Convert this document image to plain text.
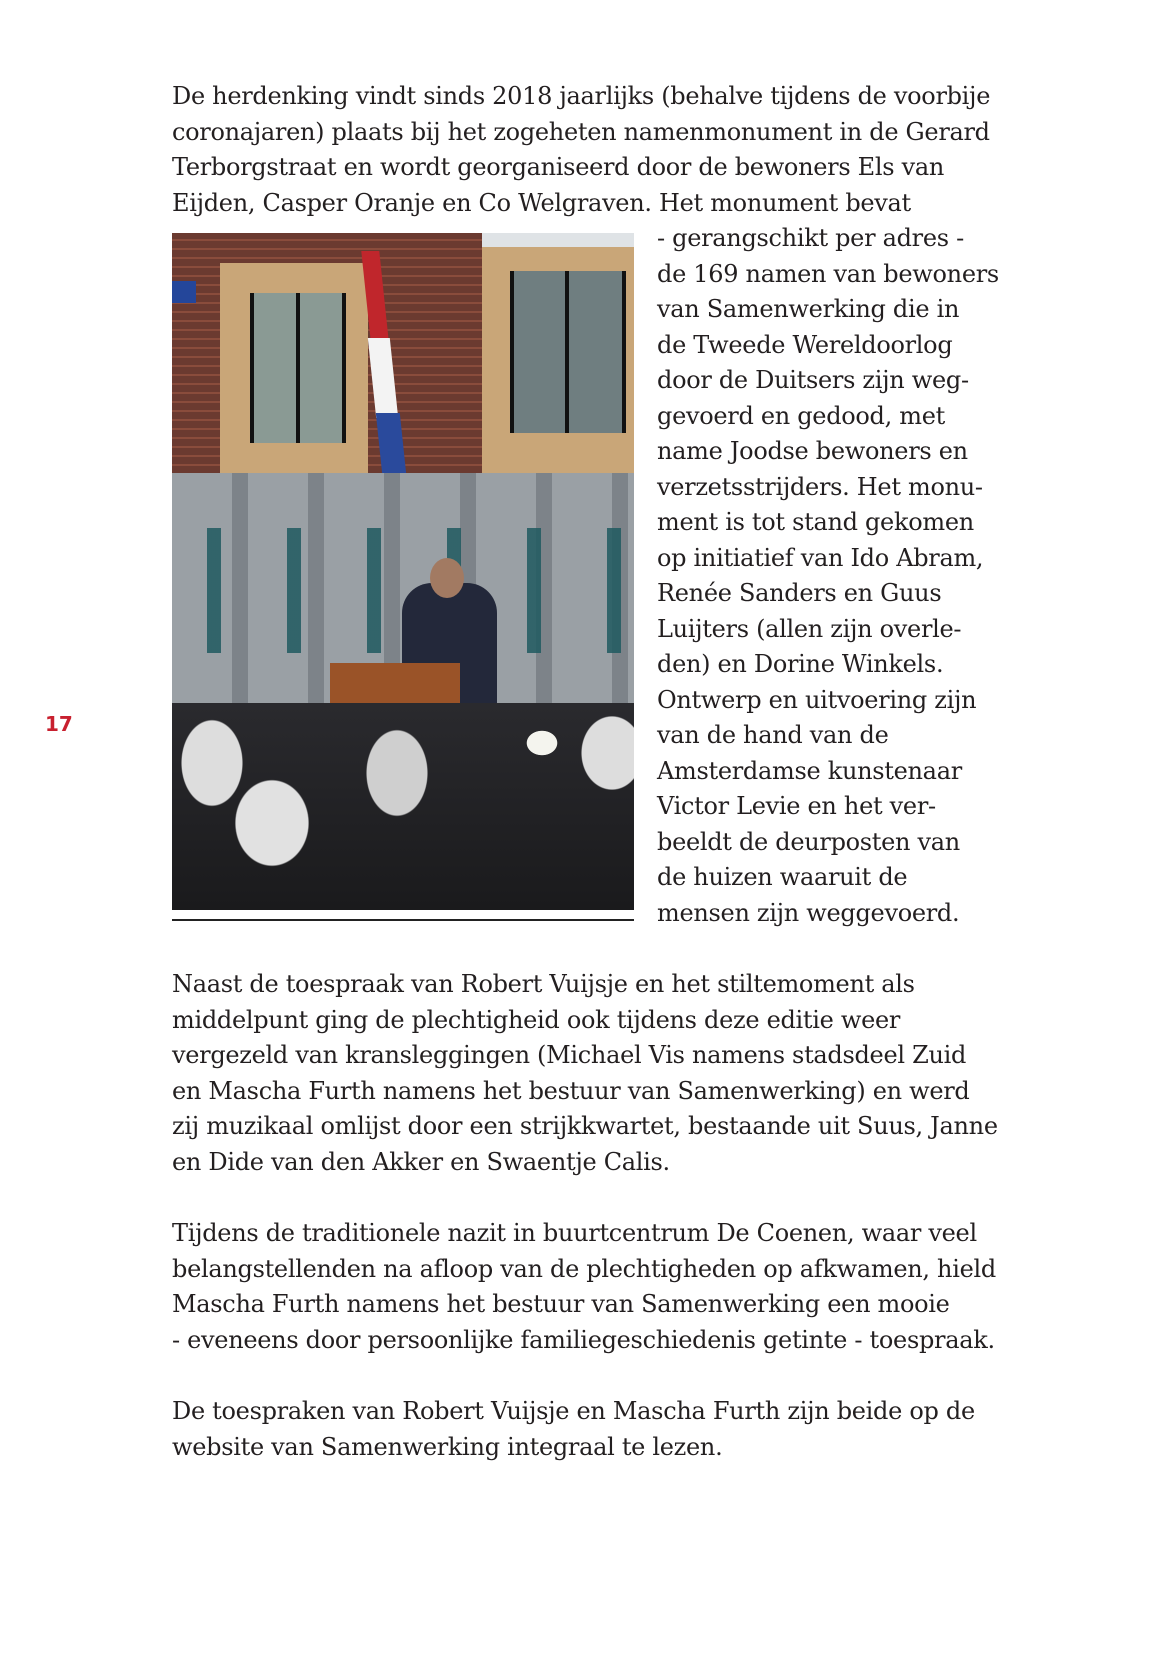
17
De herdenking vindt sinds 2018 jaarlijks (behalve tijdens de voorbije
coronajaren) plaats bij het zogeheten namenmonument in de Gerard
Terborgstraat en wordt georganiseerd door de bewoners Els van
Eijden, Casper Oranje en Co Welgraven. Het monument bevat
- gerangschikt per adres -
de 169 namen van bewoners
van Samenwerking die in
de Tweede Wereldoorlog
door de Duitsers zijn weg-
gevoerd en gedood, met
name Joodse bewoners en
verzetsstrijders. Het monu-
ment is tot stand gekomen
op initiatief van Ido Abram,
Renée Sanders en Guus
Luijters (allen zijn overle-
den) en Dorine Winkels.
Ontwerp en uitvoering zijn
van de hand van de
Amsterdamse kunstenaar
Victor Levie en het ver-
beeldt de deurposten van
de huizen waaruit de
mensen zijn weggevoerd.
Naast de toespraak van Robert Vuijsje en het stiltemoment als
middelpunt ging de plechtigheid ook tijdens deze editie weer
vergezeld van kransleggingen (Michael Vis namens stadsdeel Zuid
en Mascha Furth namens het bestuur van Samenwerking) en werd
zij muzikaal omlijst door een strijkkwartet, bestaande uit Suus, Janne
en Dide van den Akker en Swaentje Calis.
Tijdens de traditionele nazit in buurtcentrum De Coenen, waar veel
belangstellenden na afloop van de plechtigheden op afkwamen, hield
Mascha Furth namens het bestuur van Samenwerking een mooie
- eveneens door persoonlijke familiegeschiedenis getinte - toespraak.
De toespraken van Robert Vuijsje en Mascha Furth zijn beide op de
website van Samenwerking integraal te lezen.
